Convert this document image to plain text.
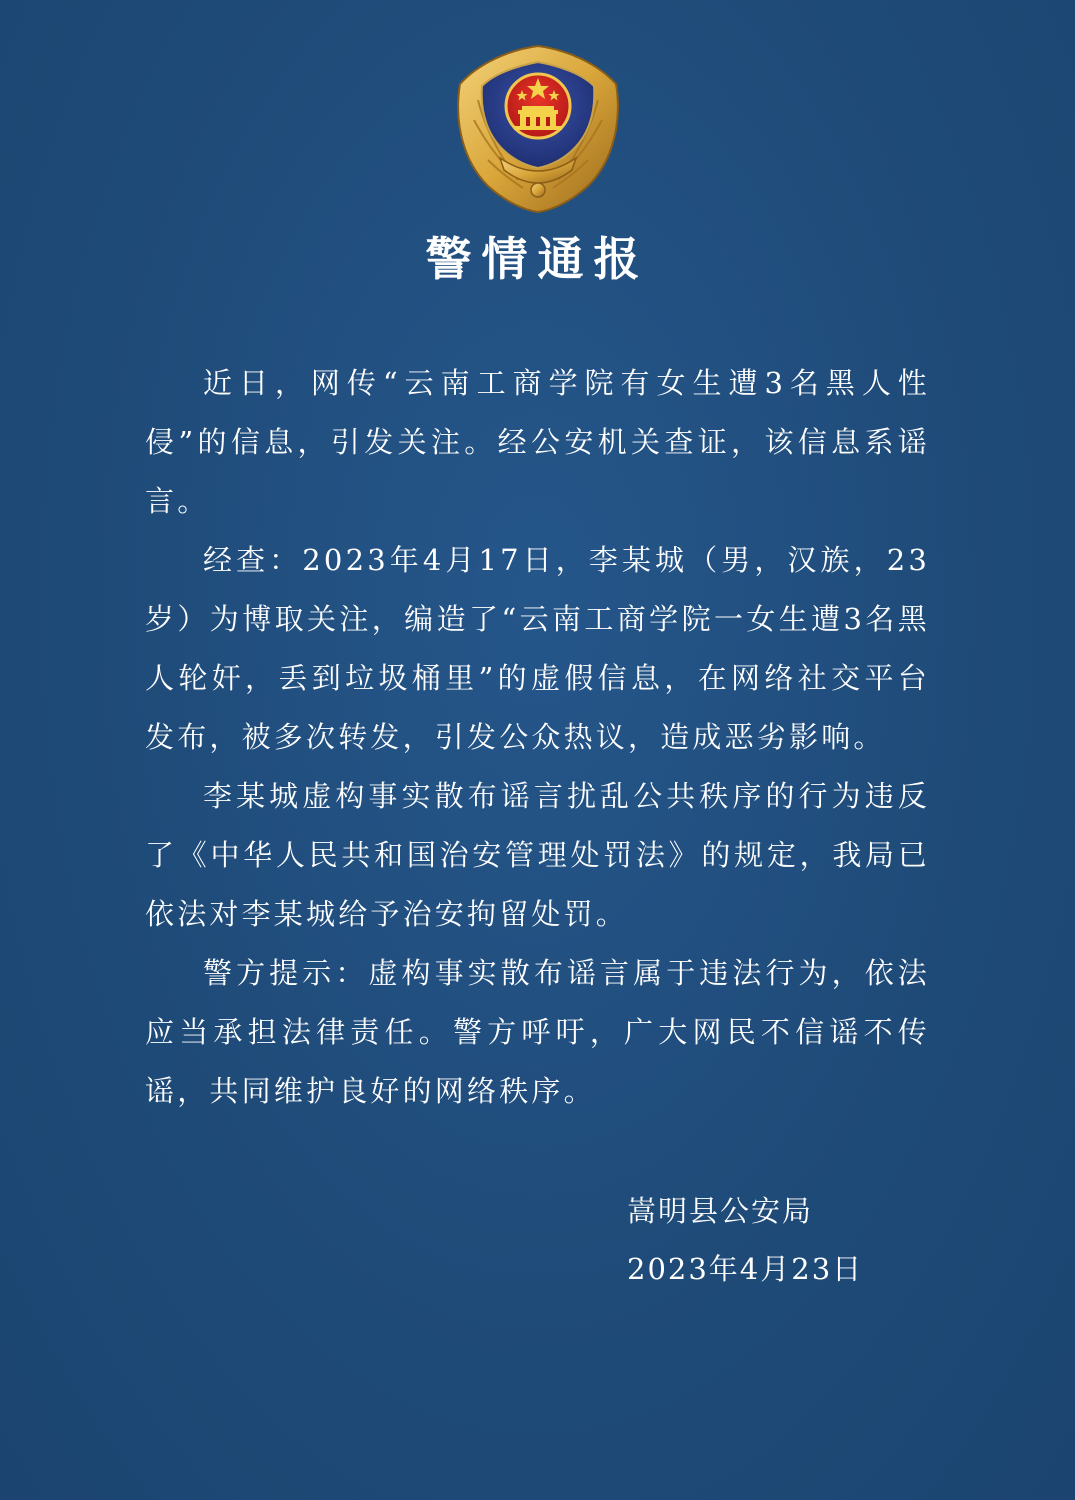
警情通报

近日，网传“云南工商学院有女生遭3名黑人性侵”的信息，引发关注。经公安机关查证，该信息系谣言。

经查：2023年4月17日，李某城（男，汉族，23岁）为博取关注，编造了“云南工商学院一女生遭3名黑人轮奸，丢到垃圾桶里”的虚假信息，在网络社交平台发布，被多次转发，引发公众热议，造成恶劣影响。

李某城虚构事实散布谣言扰乱公共秩序的行为违反了《中华人民共和国治安管理处罚法》的规定，我局已依法对李某城给予治安拘留处罚。

警方提示：虚构事实散布谣言属于违法行为，依法应当承担法律责任。警方呼吁，广大网民不信谣不传谣，共同维护良好的网络秩序。

嵩明县公安局
2023年4月23日
